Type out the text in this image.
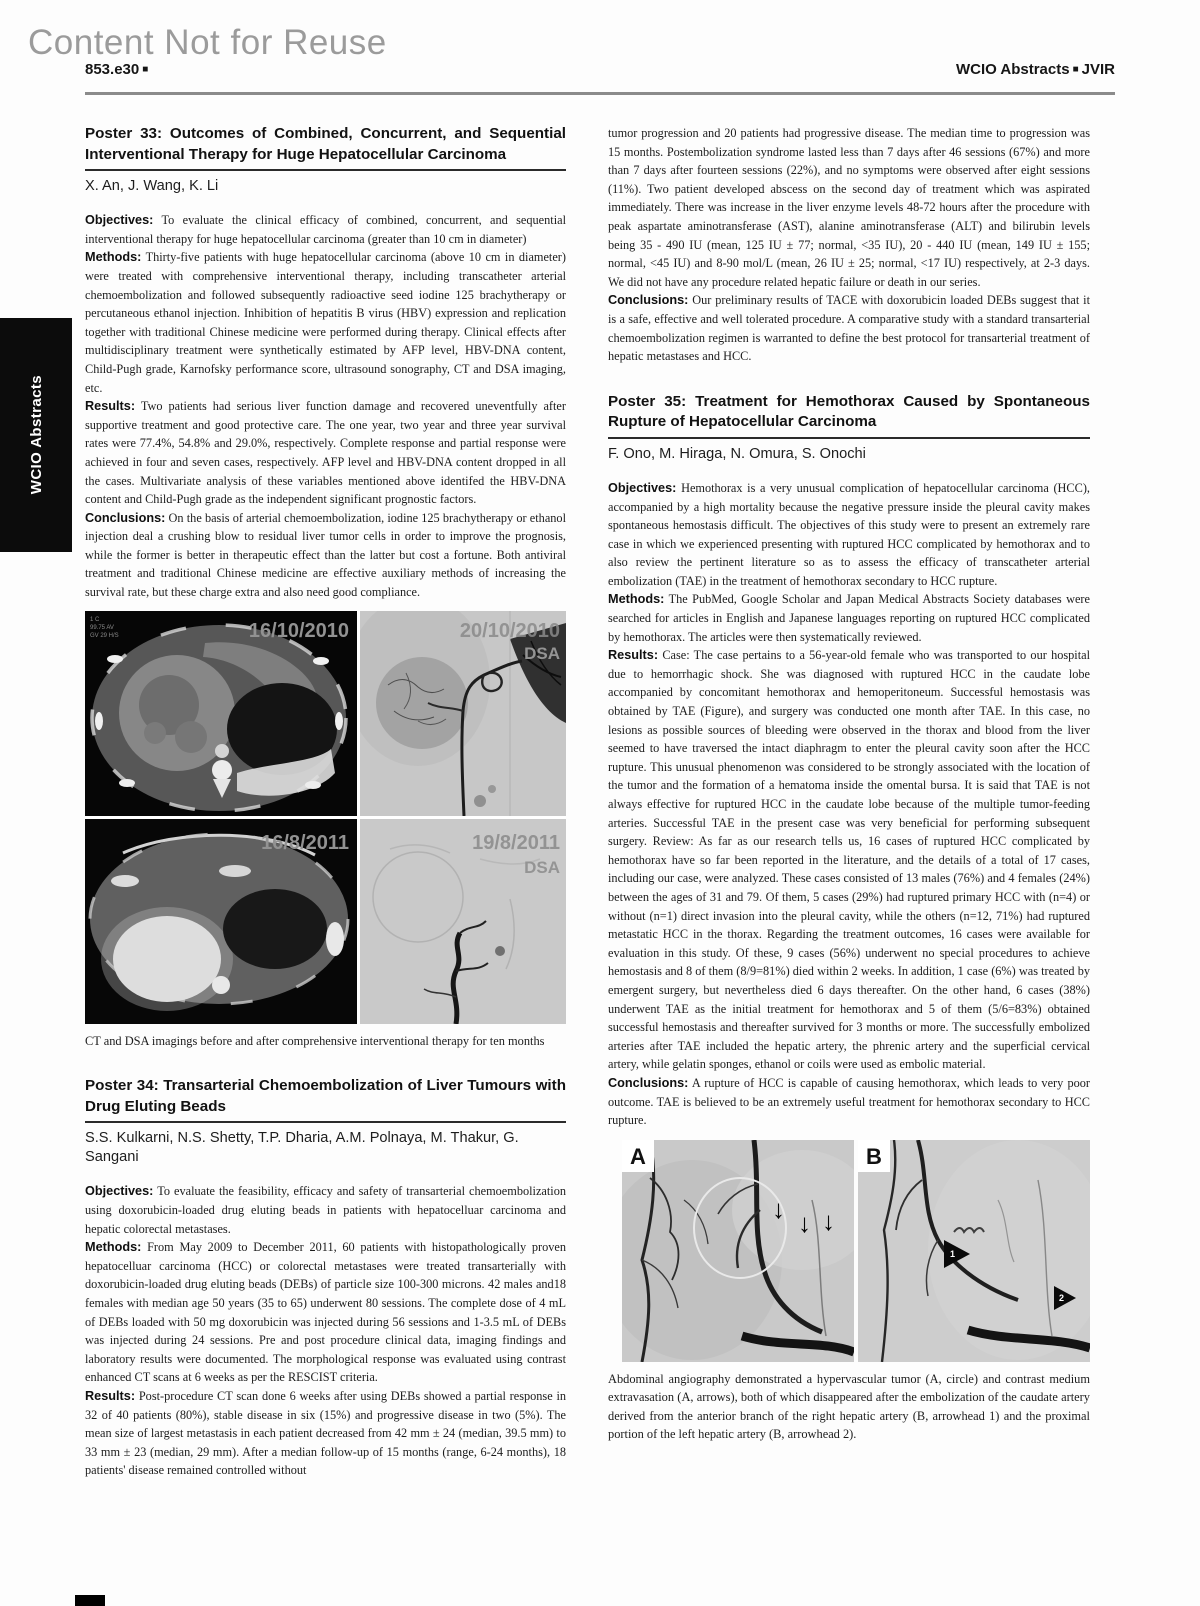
Content Not for Reuse
853.e30 ■	WCIO Abstracts ■ JVIR
WCIO Abstracts
Poster 33: Outcomes of Combined, Concurrent, and Sequential Interventional Therapy for Huge Hepatocellular Carcinoma

X. An, J. Wang, K. Li

Objectives: To evaluate the clinical efficacy of combined, concurrent, and sequential interventional therapy for huge hepatocellular carcinoma (greater than 10 cm in diameter)

Methods: Thirty-five patients with huge hepatocellular carcinoma (above 10 cm in diameter) were treated with comprehensive interventional therapy, including transcatheter arterial chemoembolization and followed subsequently radioactive seed iodine 125 brachytherapy or percutaneous ethanol injection. Inhibition of hepatitis B virus (HBV) expression and replication together with traditional Chinese medicine were performed during therapy. Clinical effects after multidisciplinary treatment were synthetically estimated by AFP level, HBV-DNA content, Child-Pugh grade, Karnofsky performance score, ultrasound sonography, CT and DSA imaging, etc.

Results: Two patients had serious liver function damage and recovered uneventfully after supportive treatment and good protective care. The one year, two year and three year survival rates were 77.4%, 54.8% and 29.0%, respectively. Complete response and partial response were achieved in four and seven cases, respectively. AFP level and HBV-DNA content dropped in all the cases. Multivariate analysis of these variables mentioned above identifed the HBV-DNA content and Child-Pugh grade as the independent significant prognostic factors.

Conclusions: On the basis of arterial chemoembolization, iodine 125 brachytherapy or ethanol injection deal a crushing blow to residual liver tumor cells in order to improve the prognosis, while the former is better in therapeutic effect than the latter but cost a fortune. Both antiviral treatment and traditional Chinese medicine are effective auxiliary methods of increasing the survival rate, but these charge extra and also need good compliance.

1 C
99.75 AV
GV 29 H/S	16/10/2010	20/10/2010
DSA
16/8/2011	19/8/2011
DSA

CT and DSA imagings before and after comprehensive interventional therapy for ten months

Poster 34: Transarterial Chemoembolization of Liver Tumours with Drug Eluting Beads

S.S. Kulkarni, N.S. Shetty, T.P. Dharia, A.M. Polnaya, M. Thakur, G. Sangani

Objectives: To evaluate the feasibility, efficacy and safety of transarterial chemoembolization using doxorubicin-loaded drug eluting beads in patients with hepatocelluar carcinoma and hepatic colorectal metastases.

Methods: From May 2009 to December 2011, 60 patients with histopathologically proven hepatocelluar carcinoma (HCC) or colorectal metastases were treated transarterially with doxorubicin-loaded drug eluting beads (DEBs) of particle size 100-300 microns. 42 males and18 females with median age 50 years (35 to 65) underwent 80 sessions. The complete dose of 4 mL of DEBs loaded with 50 mg doxorubicin was injected during 56 sessions and 1-3.5 mL of DEBs was injected during 24 sessions. Pre and post procedure clinical data, imaging findings and laboratory results were documented. The morphological response was evaluated using contrast enhanced CT scans at 6 weeks as per the RESCIST criteria.

Results: Post-procedure CT scan done 6 weeks after using DEBs showed a partial response in 32 of 40 patients (80%), stable disease in six (15%) and progressive disease in two (5%). The mean size of largest metastasis in each patient decreased from 42 mm ± 24 (median, 39.5 mm) to 33 mm ± 23 (median, 29 mm). After a median follow-up of 15 months (range, 6-24 months), 18 patients' disease remained controlled without

tumor progression and 20 patients had progressive disease. The median time to progression was 15 months. Postembolization syndrome lasted less than 7 days after 46 sessions (67%) and more than 7 days after fourteen sessions (22%), and no symptoms were observed after eight sessions (11%). Two patient developed abscess on the second day of treatment which was aspirated immediately. There was increase in the liver enzyme levels 48-72 hours after the procedure with peak aspartate aminotransferase (AST), alanine aminotransferase (ALT) and bilirubin levels being 35 - 490 IU (mean, 125 IU ± 77; normal, <35 IU), 20 - 440 IU (mean, 149 IU ± 155; normal, <45 IU) and 8-90 mol/L (mean, 26 IU ± 25; normal, <17 IU) respectively, at 2-3 days. We did not have any procedure related hepatic failure or death in our series.

Conclusions: Our preliminary results of TACE with doxorubicin loaded DEBs suggest that it is a safe, effective and well tolerated procedure. A comparative study with a standard transarterial chemoembolization regimen is warranted to define the best protocol for transarterial treatment of hepatic metastases and HCC.

Poster 35: Treatment for Hemothorax Caused by Spontaneous Rupture of Hepatocellular Carcinoma

F. Ono, M. Hiraga, N. Omura, S. Onochi

Objectives: Hemothorax is a very unusual complication of hepatocellular carcinoma (HCC), accompanied by a high mortality because the negative pressure inside the pleural cavity makes spontaneous hemostasis difficult. The objectives of this study were to present an extremely rare case in which we experienced presenting with ruptured HCC complicated by hemothorax and to also review the pertinent literature so as to assess the efficacy of transcatheter arterial embolization (TAE) in the treatment of hemothorax secondary to HCC rupture.

Methods: The PubMed, Google Scholar and Japan Medical Abstracts Society databases were searched for articles in English and Japanese languages reporting on ruptured HCC complicated by hemothorax. The articles were then systematically reviewed.

Results: Case: The case pertains to a 56-year-old female who was transported to our hospital due to hemorrhagic shock. She was diagnosed with ruptured HCC in the caudate lobe accompanied by concomitant hemothorax and hemoperitoneum. Successful hemostasis was obtained by TAE (Figure), and surgery was conducted one month after TAE. In this case, no lesions as possible sources of bleeding were observed in the thorax and blood from the liver seemed to have traversed the intact diaphragm to enter the pleural cavity soon after the HCC rupture. This unusual phenomenon was considered to be strongly associated with the location of the tumor and the formation of a hematoma inside the omental bursa. It is said that TAE is not always effective for ruptured HCC in the caudate lobe because of the multiple tumor-feeding arteries. Successful TAE in the present case was very beneficial for performing subsequent surgery. Review: As far as our research tells us, 16 cases of ruptured HCC complicated by hemothorax have so far been reported in the literature, and the details of a total of 17 cases, including our case, were analyzed. These cases consisted of 13 males (76%) and 4 females (24%) between the ages of 31 and 79. Of them, 5 cases (29%) had ruptured primary HCC with (n=4) or without (n=1) direct invasion into the pleural cavity, while the others (n=12, 71%) had ruptured metastatic HCC in the thorax. Regarding the treatment outcomes, 16 cases were available for evaluation in this study. Of these, 9 cases (56%) underwent no special procedures to achieve hemostasis and 8 of them (8/9=81%) died within 2 weeks. In addition, 1 case (6%) was treated by emergent surgery, but nevertheless died 6 days thereafter. On the other hand, 6 cases (38%) underwent TAE as the initial treatment for hemothorax and 5 of them (5/6=83%) obtained successful hemostasis and thereafter survived for 3 months or more. The successfully embolized arteries after TAE included the hepatic artery, the phrenic artery and the superficial cervical artery, while gelatin sponges, ethanol or coils were used as embolic material.

Conclusions: A rupture of HCC is capable of causing hemothorax, which leads to very poor outcome. TAE is believed to be an extremely useful treatment for hemothorax secondary to HCC rupture.

↓ ↓ ↓
A
1
2
B

Abdominal angiography demonstrated a hypervascular tumor (A, circle) and contrast medium extravasation (A, arrows), both of which disappeared after the embolization of the caudate artery derived from the anterior branch of the right hepatic artery (B, arrowhead 1) and the proximal portion of the left hepatic artery (B, arrowhead 2).
